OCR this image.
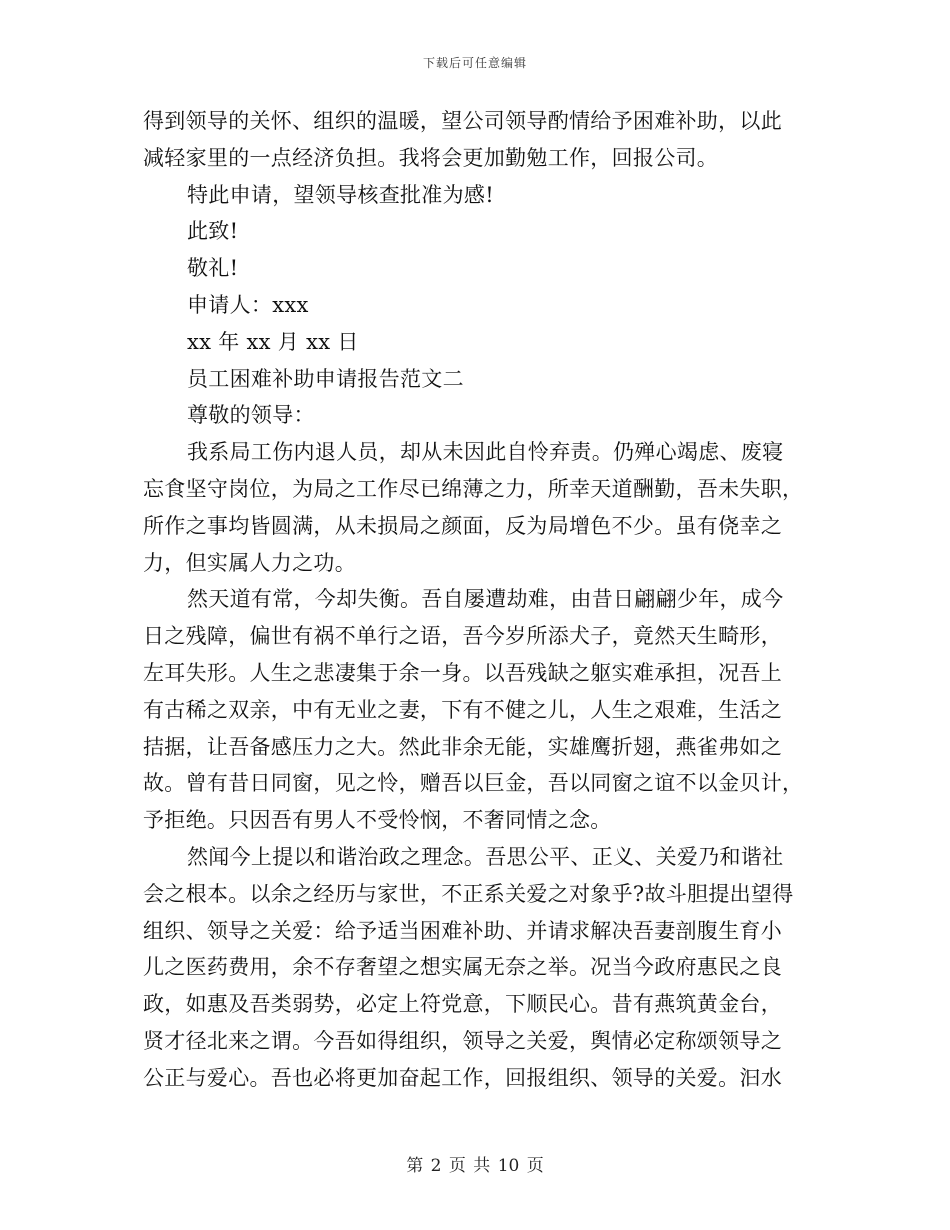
下载后可任意编辑
得到领导的关怀、组织的温暖，望公司领导酌情给予困难补助，以此
减轻家里的一点经济负担。我将会更加勤勉工作，回报公司。
特此申请，望领导核查批准为感!
此致!
敬礼!
申请人：xxx
xx 年 xx 月 xx 日
员工困难补助申请报告范文二
尊敬的领导：
我系局工伤内退人员，却从未因此自怜弃责。仍殚心竭虑、废寝
忘食坚守岗位，为局之工作尽已绵薄之力，所幸天道酬勤，吾未失职，
所作之事均皆圆满，从未损局之颜面，反为局增色不少。虽有侥幸之
力，但实属人力之功。
然天道有常，今却失衡。吾自屡遭劫难，由昔日翩翩少年，成今
日之残障，偏世有祸不单行之语，吾今岁所添犬子，竟然天生畸形，
左耳失形。人生之悲凄集于余一身。以吾残缺之躯实难承担，况吾上
有古稀之双亲，中有无业之妻，下有不健之儿，人生之艰难，生活之
拮据，让吾备感压力之大。然此非余无能，实雄鹰折翅，燕雀弗如之
故。曾有昔日同窗，见之怜，赠吾以巨金，吾以同窗之谊不以金贝计，
予拒绝。只因吾有男人不受怜悯，不奢同情之念。
然闻今上提以和谐治政之理念。吾思公平、正义、关爱乃和谐社
会之根本。以余之经历与家世，不正系关爱之对象乎?故斗胆提出望得
组织、领导之关爱：给予适当困难补助、并请求解决吾妻剖腹生育小
儿之医药费用，余不存奢望之想实属无奈之举。况当今政府惠民之良
政，如惠及吾类弱势，必定上符党意，下顺民心。昔有燕筑黄金台，
贤才径北来之谓。今吾如得组织，领导之关爱，舆情必定称颂领导之
公正与爱心。吾也必将更加奋起工作，回报组织、领导的关爱。汩水
第 2 页 共 10 页
